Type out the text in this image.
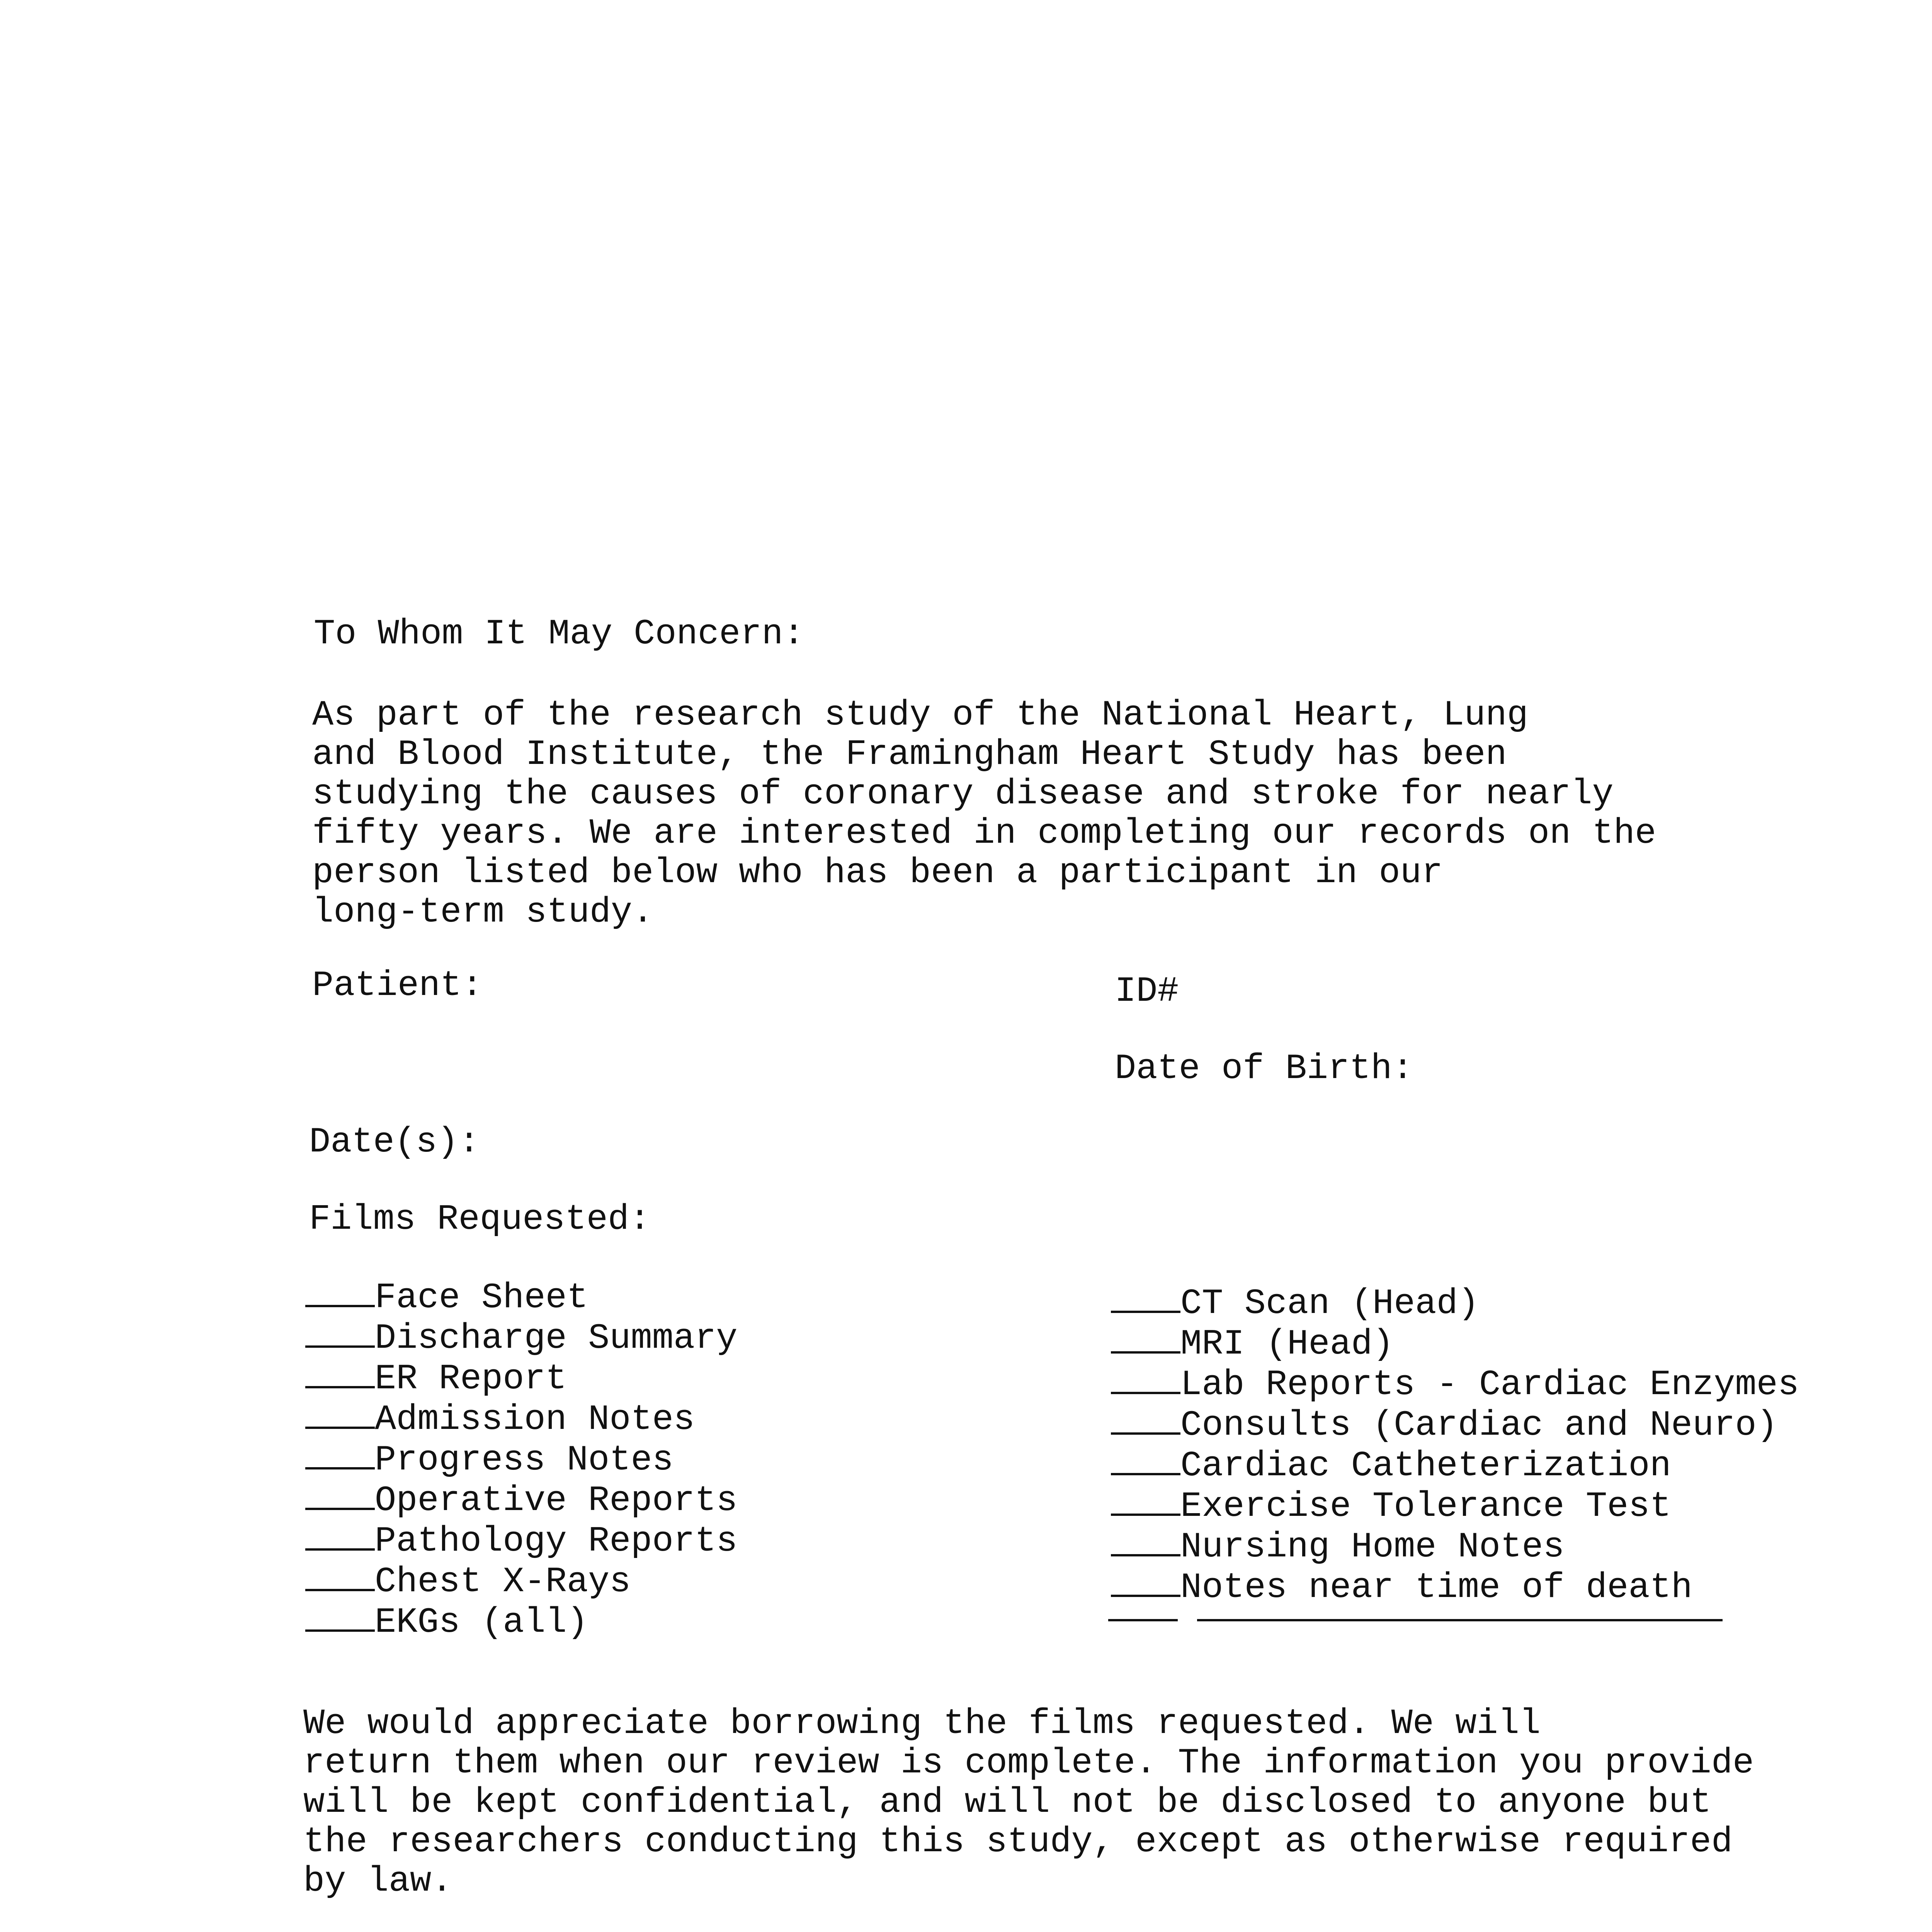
To Whom It May Concern:
As part of the research study of the National Heart, Lung
and Blood Institute, the Framingham Heart Study has been
studying the causes of coronary disease and stroke for nearly
fifty years. We are interested in completing our records on the
person listed below who has been a participant in our
long-term study.
Patient:	ID#
Date of Birth:
Date(s):
Films Requested:
Face Sheet
Discharge Summary
ER Report
Admission Notes
Progress Notes
Operative Reports
Pathology Reports
Chest X-Rays
EKGs (all)
CT Scan (Head)
MRI (Head)
Lab Reports - Cardiac Enzymes
Consults (Cardiac and Neuro)
Cardiac Catheterization
Exercise Tolerance Test
Nursing Home Notes
Notes near time of death
We would appreciate borrowing the films requested. We will
return them when our review is complete. The information you provide
will be kept confidential, and will not be disclosed to anyone but
the researchers conducting this study, except as otherwise required
by law.
